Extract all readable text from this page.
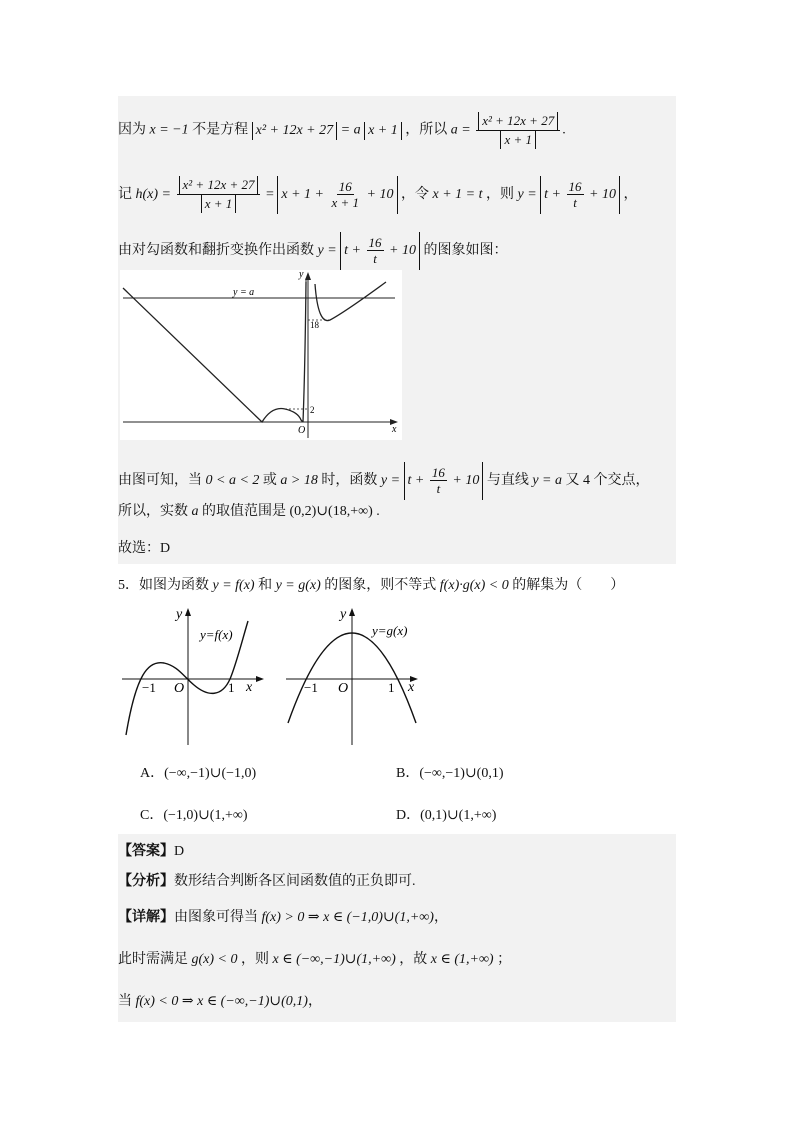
因为 x = −1 不是方程 x² + 12x + 27 = a x + 1 ，所以 $a = \frac{\text{x² + 12x + 27}}{x + 1}$ .
记 $h(x) = \frac{\text{x² + 12x + 27}}{x + 1} = x + 1 + \frac{16}{x + 1} + 10$ ，令 x + 1 = t ，则 $y = t + \frac{16}{t} + 10$ ，
由对勾函数和翻折变换作出函数 $y = t + \frac{16}{t} + 10$ 的图象如图：
y = a
x
y
O
18
2
由图可知，当 0 < a < 2 或 a > 18 时，函数 $y = t + \frac{16}{t} + 10$ 与直线 y = a 又 4 个交点，
所以，实数 a 的取值范围是 (0,2)∪(18,+∞) .
故选：D
5．如图为函数 y = f(x) 和 y = g(x) 的图象，则不等式 f(x)·g(x) < 0 的解集为（　　）
x
y
O
−1	1
y=f(x)
x
y
O
−1	1
y=g(x)
A．(−∞,−1)∪(−1,0)	B．(−∞,−1)∪(0,1)
C．(−1,0)∪(1,+∞)	D．(0,1)∪(1,+∞)
【答案】D
【分析】数形结合判断各区间函数值的正负即可.
【详解】由图象可得当 f(x) > 0 ⇒ x ∈ (−1,0)∪(1,+∞)，
此时需满足 g(x) < 0 ，则 x ∈ (−∞,−1)∪(1,+∞) ，故 x ∈ (1,+∞) ；
当 f(x) < 0 ⇒ x ∈ (−∞,−1)∪(0,1)，
